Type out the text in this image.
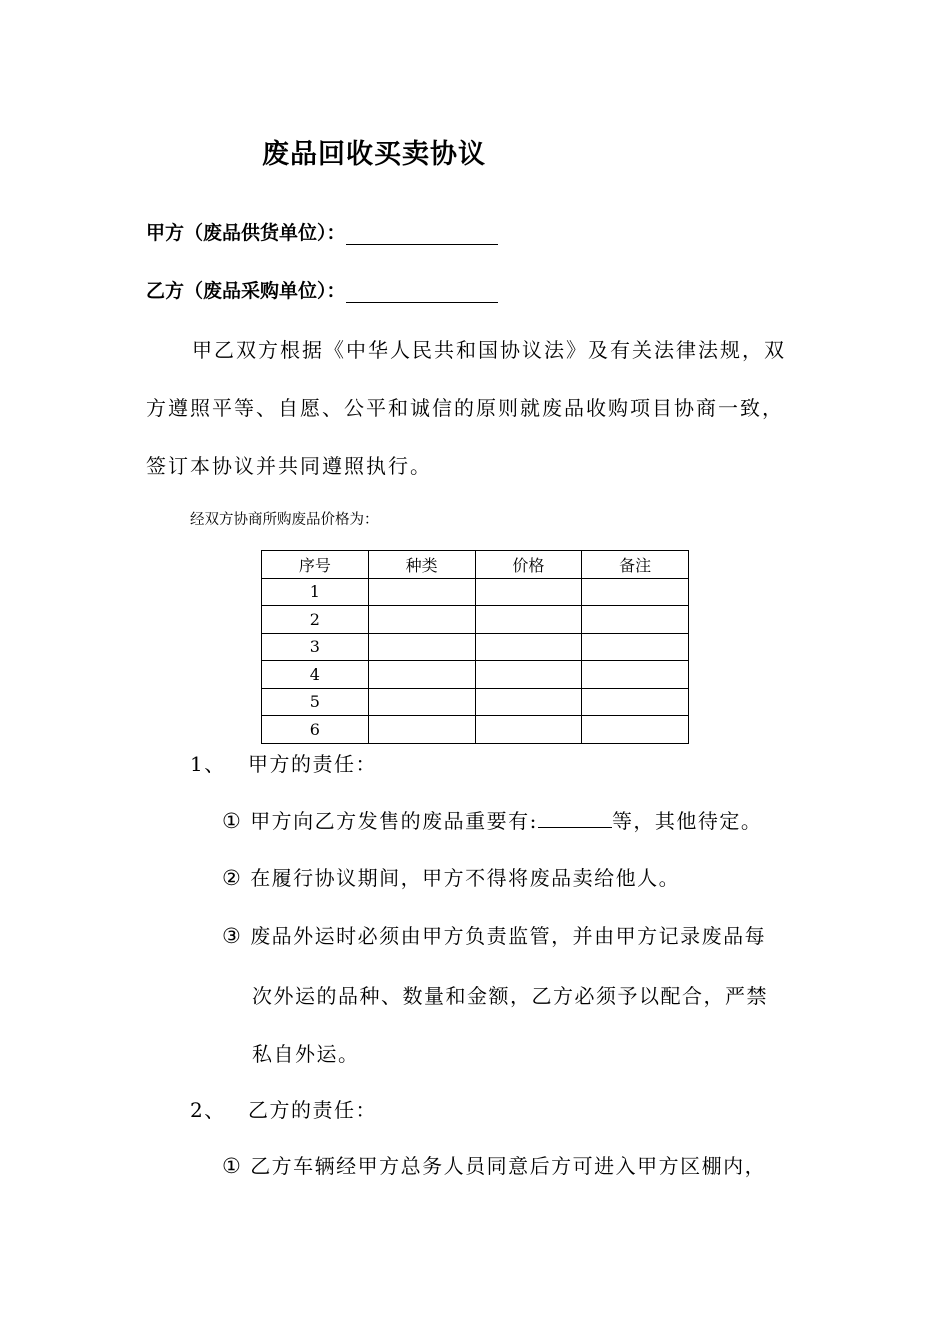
废品回收买卖协议
甲方（废品供货单位）：
乙方（废品采购单位）：
甲乙双方根据《中华人民共和国协议法》及有关法律法规，双
方遵照平等、自愿、公平和诚信的原则就废品收购项目协商一致，
签订本协议并共同遵照执行。
经双方协商所购废品价格为：
序号	种类	价格	备注
1			
2			
3			
4			
5			
6			
1、 甲方的责任：
① 甲方向乙方发售的废品重要有:	等，其他待定。
② 在履行协议期间，甲方不得将废品卖给他人。
③ 废品外运时必须由甲方负责监管，并由甲方记录废品每
次外运的品种、数量和金额，乙方必须予以配合，严禁
私自外运。
2、 乙方的责任：
① 乙方车辆经甲方总务人员同意后方可进入甲方区棚内，
